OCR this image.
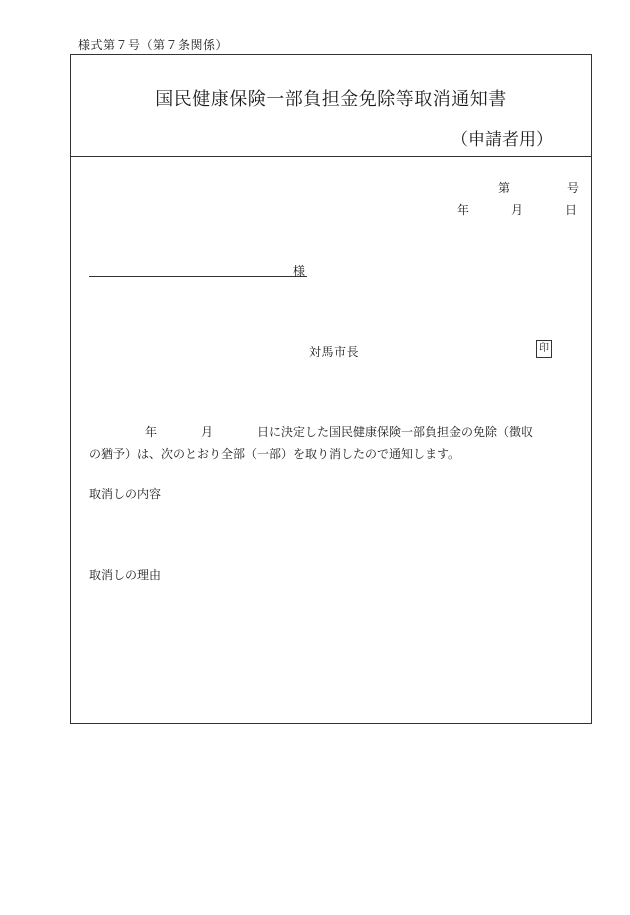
様式第７号（第７条関係）
国民健康保険一部負担金免除等取消通知書
（申請者用）
第	号
年	月	日
様
対馬市長	印
年	月	日に決定した国民健康保険一部負担金の免除（徴収
の猶予）は、次のとおり全部（一部）を取り消したので通知します。
取消しの内容
取消しの理由
